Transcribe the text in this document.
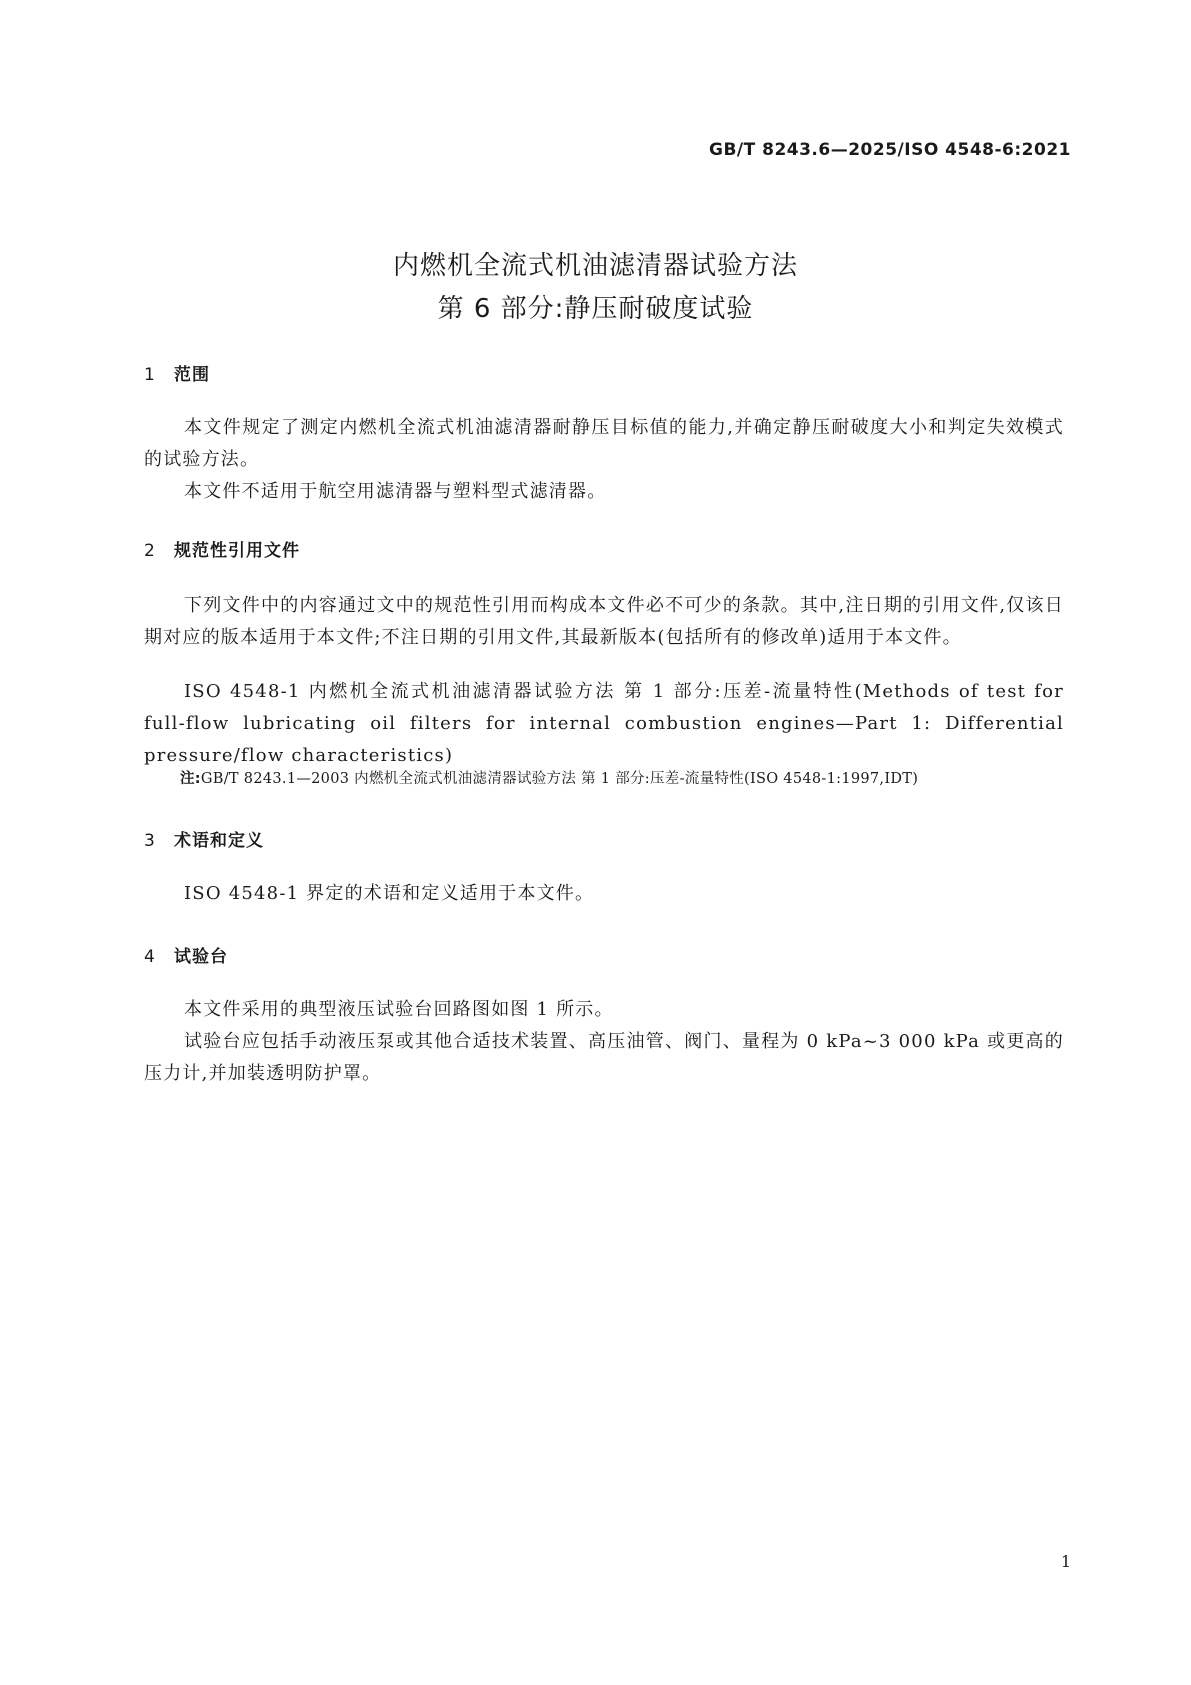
GB/T 8243.6—2025/ISO 4548-6:2021
内燃机全流式机油滤清器试验方法
第 6 部分:静压耐破度试验
1 范围
本文件规定了测定内燃机全流式机油滤清器耐静压目标值的能力,并确定静压耐破度大小和判定失效模式的试验方法。
本文件不适用于航空用滤清器与塑料型式滤清器。
2 规范性引用文件
下列文件中的内容通过文中的规范性引用而构成本文件必不可少的条款。其中,注日期的引用文件,仅该日期对应的版本适用于本文件;不注日期的引用文件,其最新版本(包括所有的修改单)适用于本文件。
ISO 4548-1 内燃机全流式机油滤清器试验方法 第 1 部分:压差-流量特性(Methods of test for full-flow lubricating oil filters for internal combustion engines—Part 1: Differential pressure/flow characteristics)
注:GB/T 8243.1—2003 内燃机全流式机油滤清器试验方法 第 1 部分:压差-流量特性(ISO 4548-1:1997,IDT)
3 术语和定义
ISO 4548-1 界定的术语和定义适用于本文件。
4 试验台
本文件采用的典型液压试验台回路图如图 1 所示。
试验台应包括手动液压泵或其他合适技术装置、高压油管、阀门、量程为 0 kPa~3 000 kPa 或更高的压力计,并加装透明防护罩。
1
